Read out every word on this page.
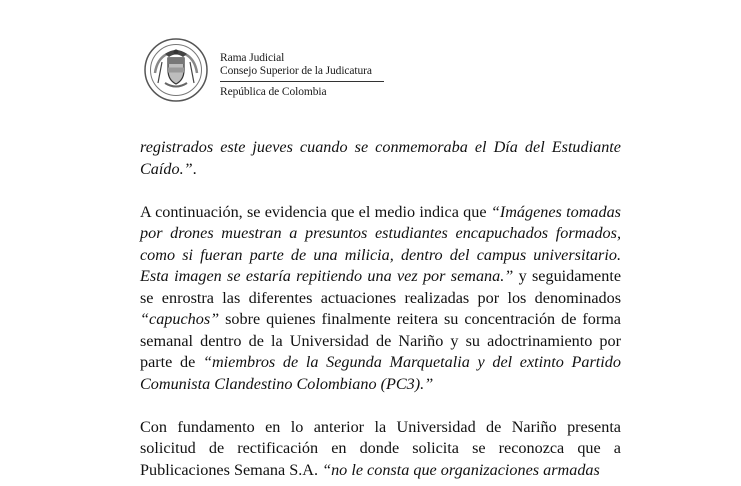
Rama Judicial
Consejo Superior de la Judicatura
República de Colombia

registrados este jueves cuando se conmemoraba el Día del Estudiante Caído.”.

A continuación, se evidencia que el medio indica que “Imágenes tomadas por drones muestran a presuntos estudiantes encapuchados formados, como si fueran parte de una milicia, dentro del campus universitario. Esta imagen se estaría repitiendo una vez por semana.” y seguidamente se enrostra las diferentes actuaciones realizadas por los denominados “capuchos” sobre quienes finalmente reitera su concentración de forma semanal dentro de la Universidad de Nariño y su adoctrinamiento por parte de “miembros de la Segunda Marquetalia y del extinto Partido Comunista Clandestino Colombiano (PC3).”

Con fundamento en lo anterior la Universidad de Nariño presenta solicitud de rectificación en donde solicita se reconozca que a Publicaciones Semana S.A. “no le consta que organizaciones armadas
